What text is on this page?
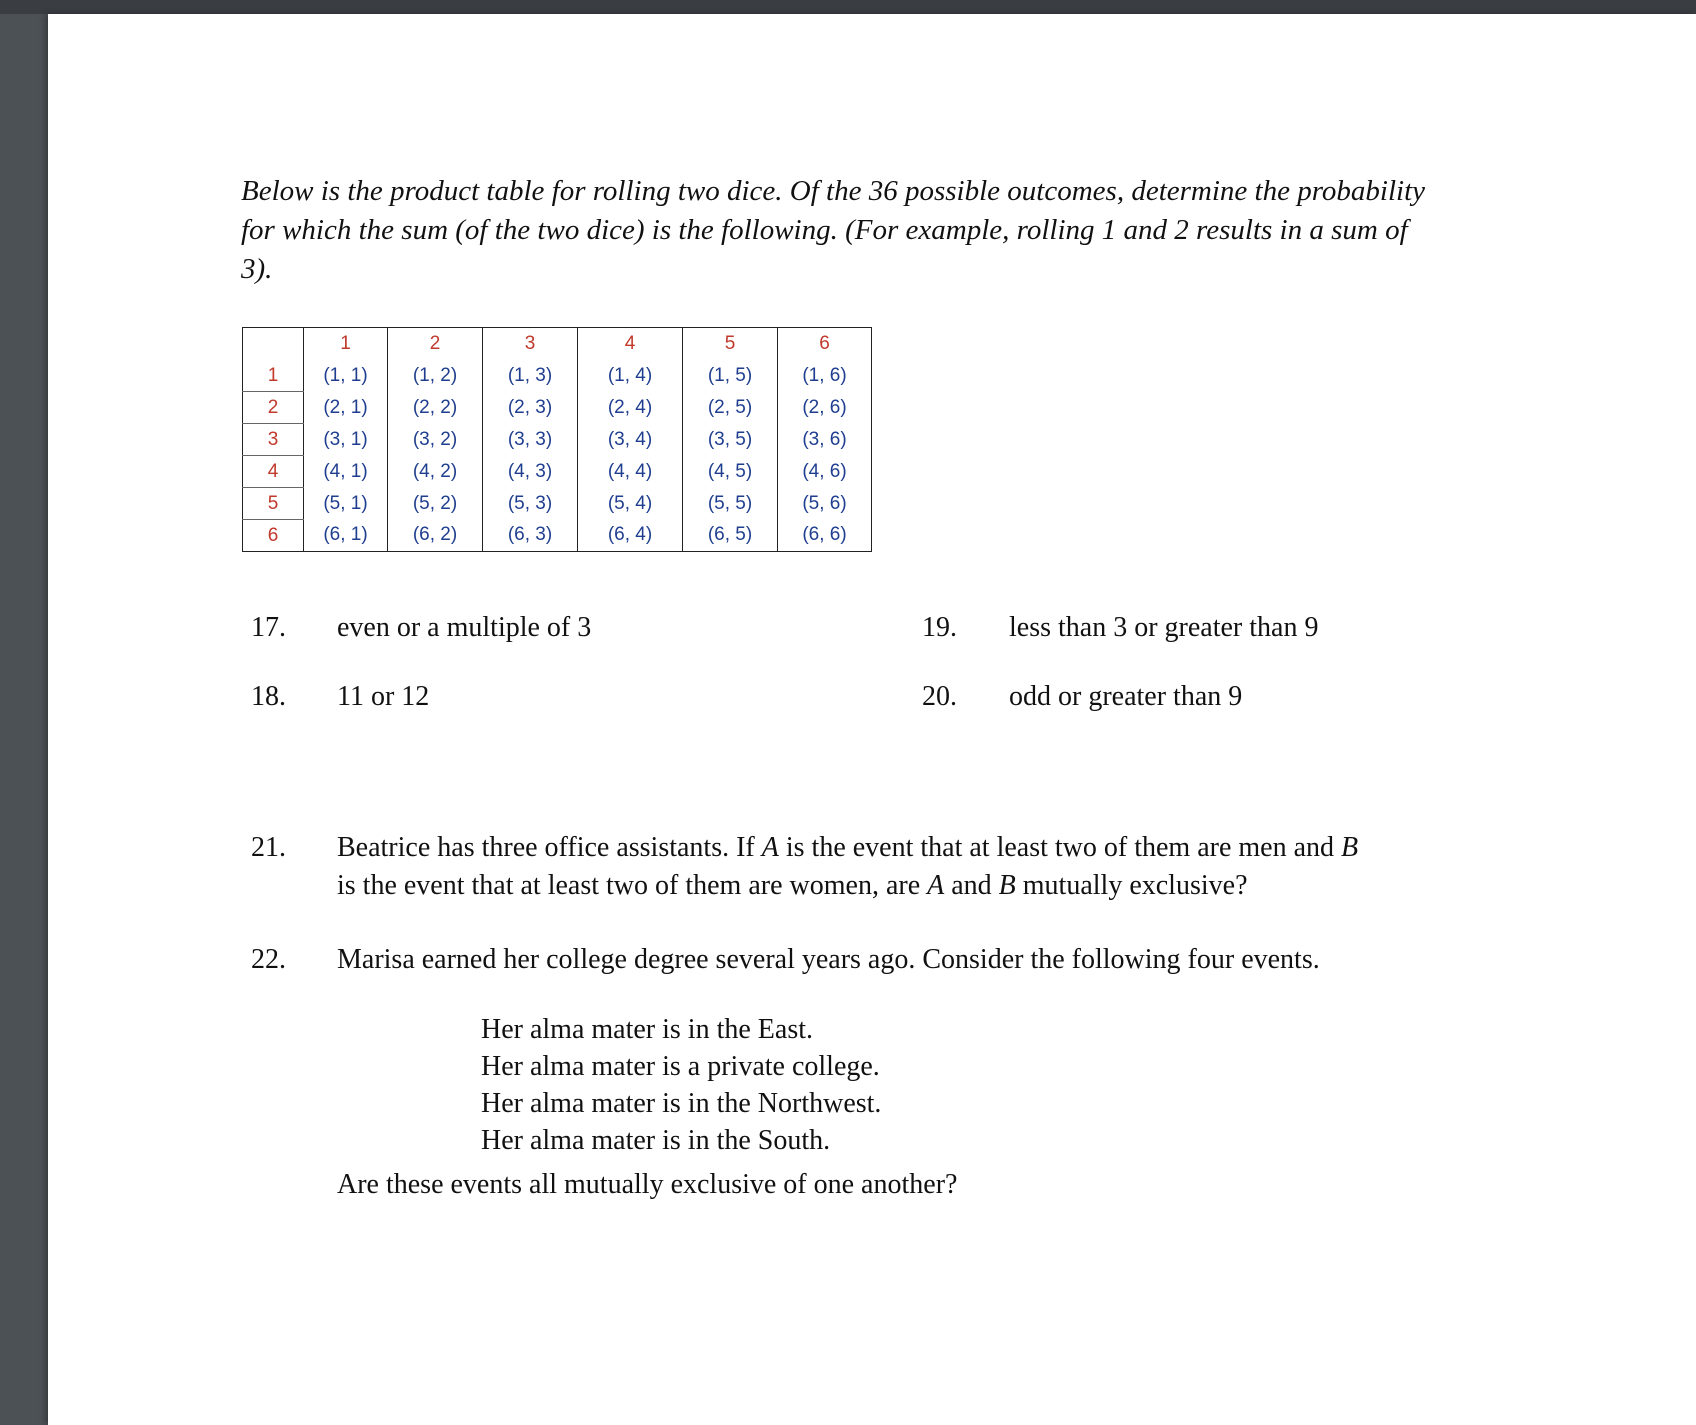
Below is the product table for rolling two dice. Of the 36 possible outcomes, determine the probability for which the sum (of the two dice) is the following. (For example, rolling 1 and 2 results in a sum of 3).

	1	2	3	4	5	6
1	(1, 1)	(1, 2)	(1, 3)	(1, 4)	(1, 5)	(1, 6)
2	(2, 1)	(2, 2)	(2, 3)	(2, 4)	(2, 5)	(2, 6)
3	(3, 1)	(3, 2)	(3, 3)	(3, 4)	(3, 5)	(3, 6)
4	(4, 1)	(4, 2)	(4, 3)	(4, 4)	(4, 5)	(4, 6)
5	(5, 1)	(5, 2)	(5, 3)	(5, 4)	(5, 5)	(5, 6)
6	(6, 1)	(6, 2)	(6, 3)	(6, 4)	(6, 5)	(6, 6)
17. even or a multiple of 3	19. less than 3 or greater than 9
18. 11 or 12	20. odd or greater than 9
21. Beatrice has three office assistants. If A is the event that at least two of them are men and B
is the event that at least two of them are women, are A and B mutually exclusive?
22. Marisa earned her college degree several years ago. Consider the following four events.
Her alma mater is in the East.
Her alma mater is a private college.
Her alma mater is in the Northwest.
Her alma mater is in the South.
Are these events all mutually exclusive of one another?
